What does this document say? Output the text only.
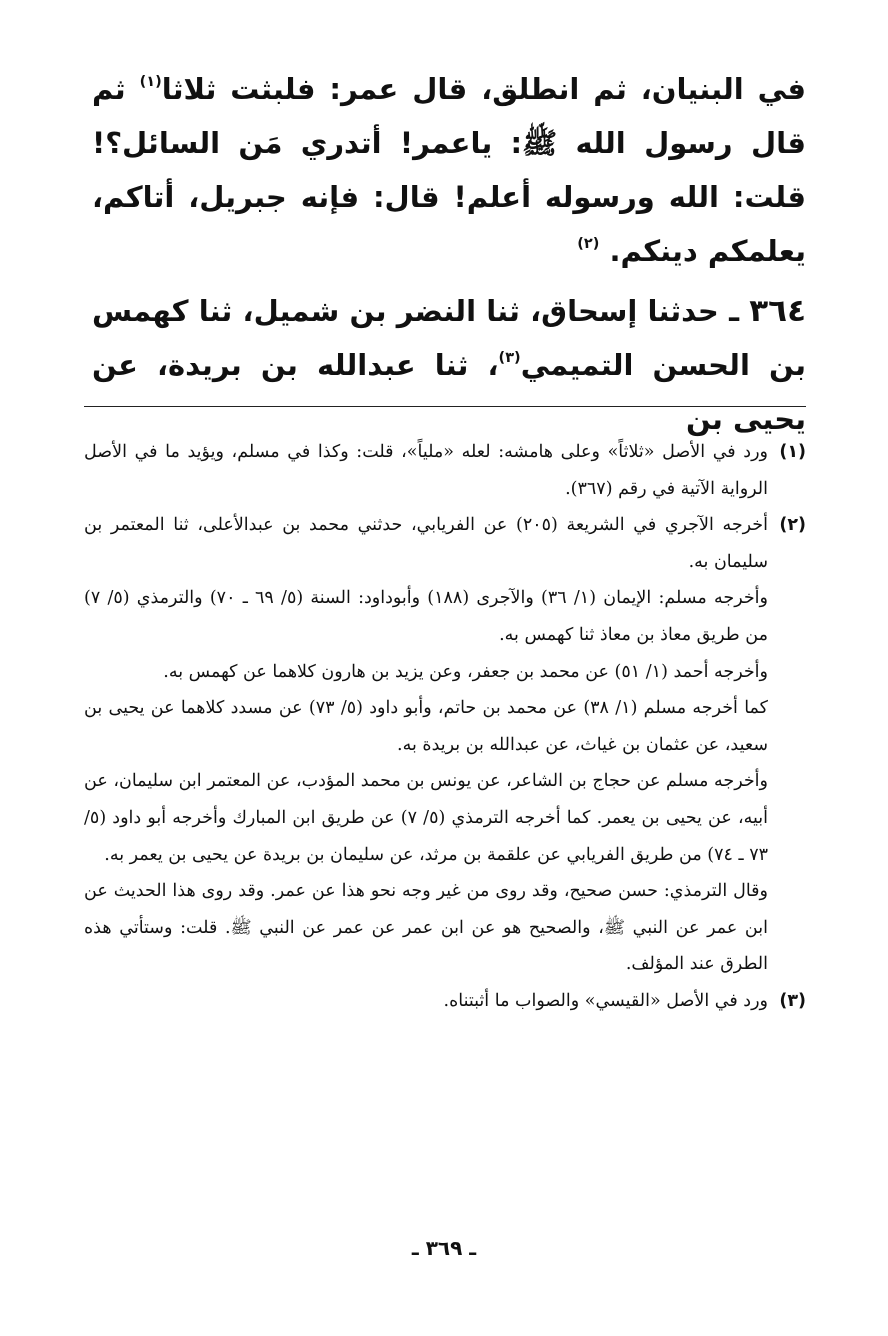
في البنيان، ثم انطلق، قال عمر: فلبثت ثلاثا$^{(١)}$ ثم قال رسول الله ﷺ: ياعمر! أتدري مَن السائل؟! قلت: الله ورسوله أعلم! قال: فإنه جبريل، أتاكم، يعلمكم دينكم. $^{(٢)}$

٣٦٤ ـ حدثنا إسحاق، ثنا النضر بن شميل، ثنا كهمس بن الحسن التميمي$^{(٣)}$، ثنا عبدالله بن بريدة، عن يحيى بن

(١)

ورد في الأصل «ثلاثاً» وعلى هامشه: لعله «ملياً»، قلت: وكذا في مسلم، ويؤيد ما في الأصل الرواية الآتية في رقم (٣٦٧).

(٢)

أخرجه الآجري في الشريعة (٢٠٥) عن الفريابي، حدثني محمد بن عبدالأعلى، ثنا المعتمر بن سليمان به.

وأخرجه مسلم: الإيمان (١/ ٣٦) والآجرى (١٨٨) وأبوداود: السنة (٥/ ٦٩ ـ ٧٠) والترمذي (٥/ ٧) من طريق معاذ بن معاذ ثنا كهمس به.

وأخرجه أحمد (١/ ٥١) عن محمد بن جعفر، وعن يزيد بن هارون كلاهما عن كهمس به.

كما أخرجه مسلم (١/ ٣٨) عن محمد بن حاتم، وأبو داود (٥/ ٧٣) عن مسدد كلاهما عن يحيى بن سعيد، عن عثمان بن غياث، عن عبدالله بن بريدة به.

وأخرجه مسلم عن حجاج بن الشاعر، عن يونس بن محمد المؤدب، عن المعتمر ابن سليمان، عن أبيه، عن يحيى بن يعمر. كما أخرجه الترمذي (٥/ ٧) عن طريق ابن المبارك وأخرجه أبو داود (٥/ ٧٣ ـ ٧٤) من طريق الفريابي عن علقمة بن مرثد، عن سليمان بن بريدة عن يحيى بن يعمر به.

وقال الترمذي: حسن صحيح، وقد روى من غير وجه نحو هذا عن عمر. وقد روى هذا الحديث عن ابن عمر عن النبي ﷺ، والصحيح هو عن ابن عمر عن عمر عن النبي ﷺ. قلت: وستأتي هذه الطرق عند المؤلف.

(٣)

ورد في الأصل «القيسي» والصواب ما أثبتناه.

ـ ٣٦٩ ـ
